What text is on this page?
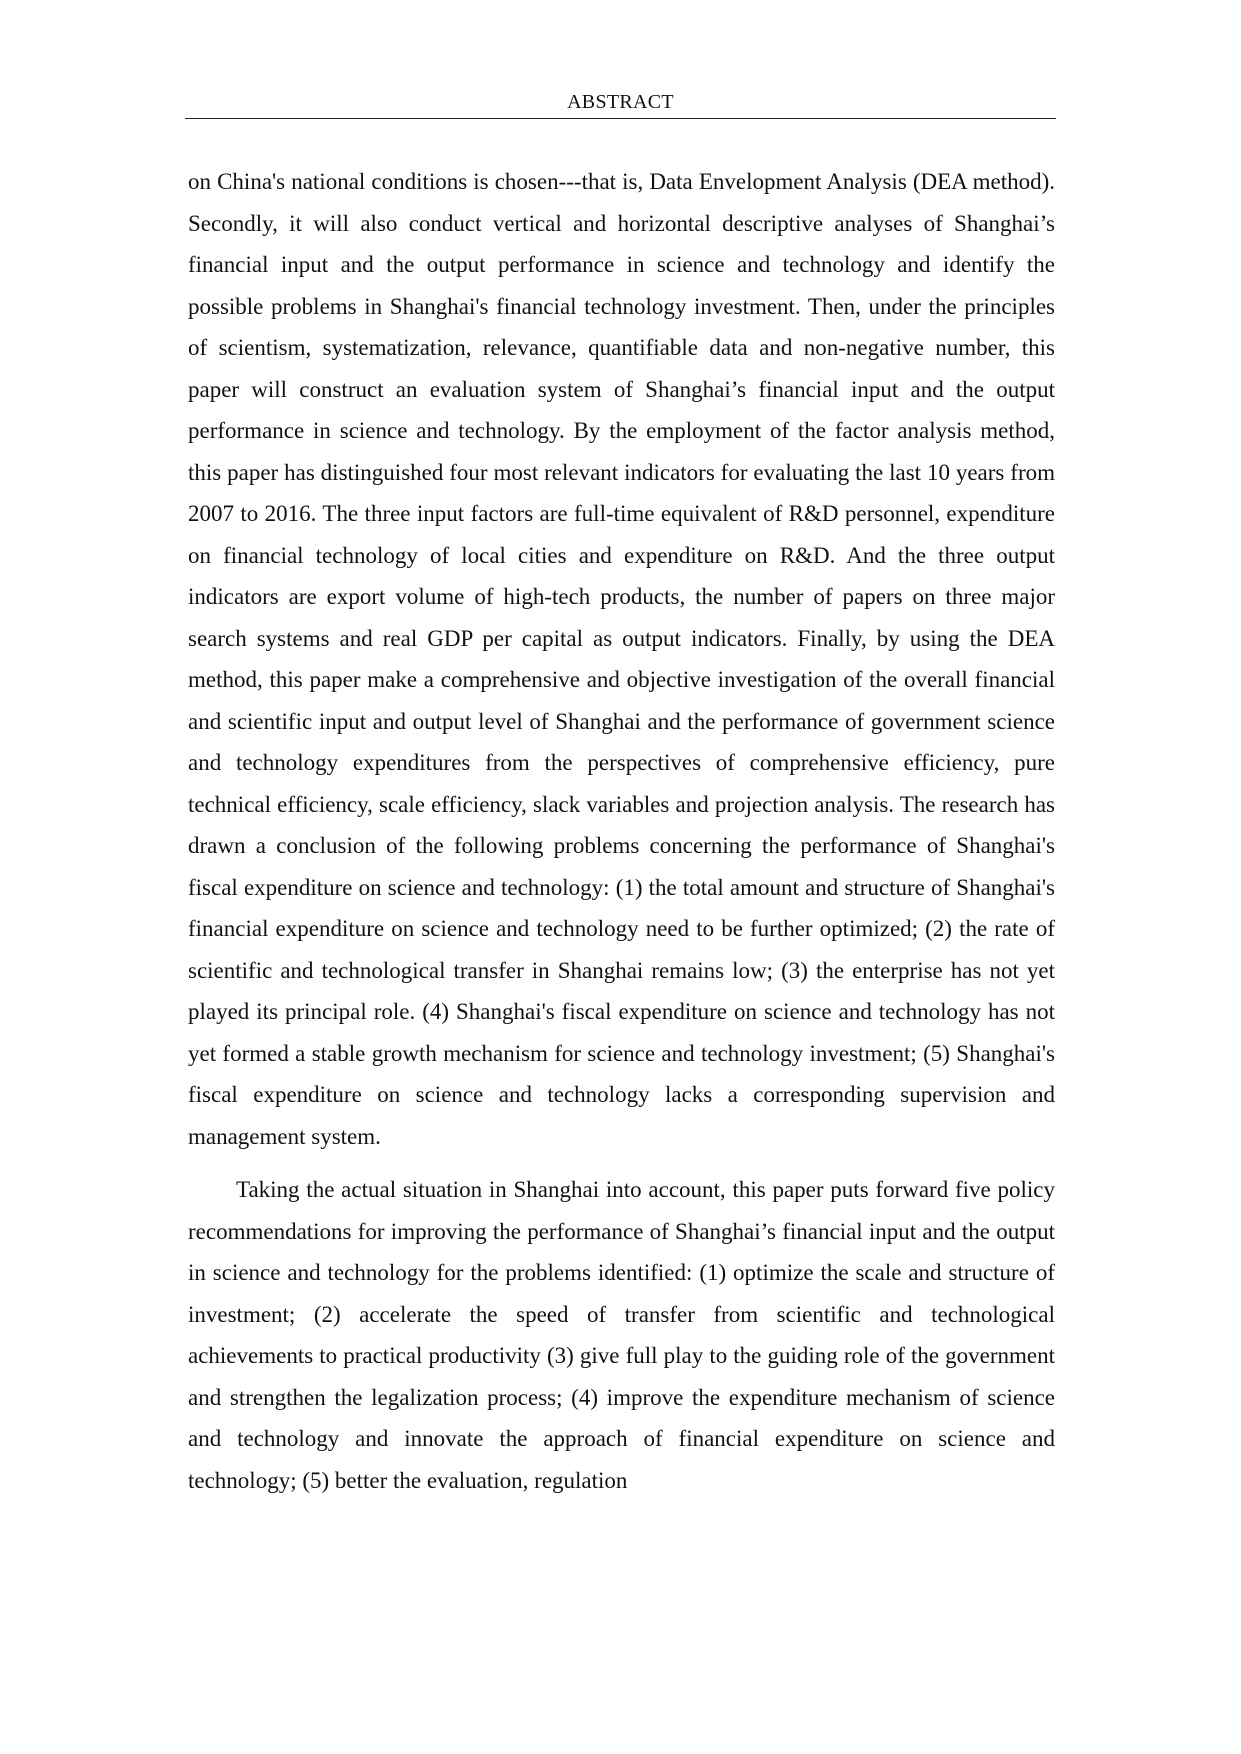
ABSTRACT

on China's national conditions is chosen---that is, Data Envelopment Analysis (DEA method). Secondly, it will also conduct vertical and horizontal descriptive analyses of Shanghai’s financial input and the output performance in science and technology and identify the possible problems in Shanghai's financial technology investment. Then, under the principles of scientism, systematization, relevance, quantifiable data and non-negative number, this paper will construct an evaluation system of Shanghai’s financial input and the output performance in science and technology. By the employment of the factor analysis method, this paper has distinguished four most relevant indicators for evaluating the last 10 years from 2007 to 2016. The three input factors are full-time equivalent of R&D personnel, expenditure on financial technology of local cities and expenditure on R&D. And the three output indicators are export volume of high-tech products, the number of papers on three major search systems and real GDP per capital as output indicators. Finally, by using the DEA method, this paper make a comprehensive and objective investigation of the overall financial and scientific input and output level of Shanghai and the performance of government science and technology expenditures from the perspectives of comprehensive efficiency, pure technical efficiency, scale efficiency, slack variables and projection analysis. The research has drawn a conclusion of the following problems concerning the performance of Shanghai's fiscal expenditure on science and technology: (1) the total amount and structure of Shanghai's financial expenditure on science and technology need to be further optimized; (2) the rate of scientific and technological transfer in Shanghai remains low; (3) the enterprise has not yet played its principal role. (4) Shanghai's fiscal expenditure on science and technology has not yet formed a stable growth mechanism for science and technology investment; (5) Shanghai's fiscal expenditure on science and technology lacks a corresponding supervision and management system.

Taking the actual situation in Shanghai into account, this paper puts forward five policy recommendations for improving the performance of Shanghai’s financial input and the output in science and technology for the problems identified: (1) optimize the scale and structure of investment; (2) accelerate the speed of transfer from scientific and technological achievements to practical productivity (3) give full play to the guiding role of the government and strengthen the legalization process; (4) improve the expenditure mechanism of science and technology and innovate the approach of financial expenditure on science and technology; (5) better the evaluation, regulation
